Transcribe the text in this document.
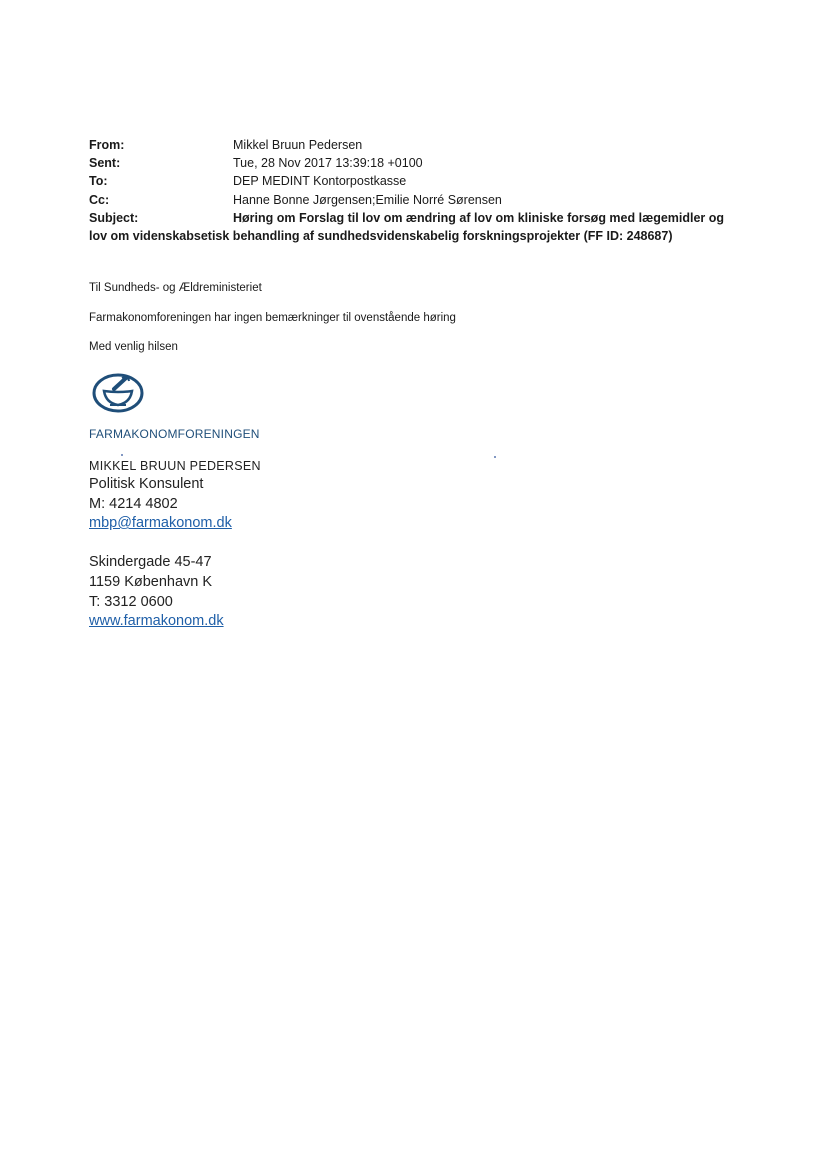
From:	Mikkel Bruun Pedersen
Sent:	Tue, 28 Nov 2017 13:39:18 +0100
To:	DEP MEDINT Kontorpostkasse
Cc:	Hanne Bonne Jørgensen;Emilie Norré Sørensen
Subject:	Høring om Forslag til lov om ændring af lov om kliniske forsøg med lægemidler og
lov om videnskabsetisk behandling af sundhedsvidenskabelig forskningsprojekter (FF ID: 248687)

Til Sundheds- og Ældreministeriet

Farmakonomforeningen har ingen bemærkninger til ovenstående høring

Med venlig hilsen

FARMAKONOMFORENINGEN
MIKKEL BRUUN PEDERSEN
Politisk Konsulent
M: 4214 4802
mbp@farmakonom.dk
Skindergade 45-47
1159 København K
T: 3312 0600
www.farmakonom.dk
